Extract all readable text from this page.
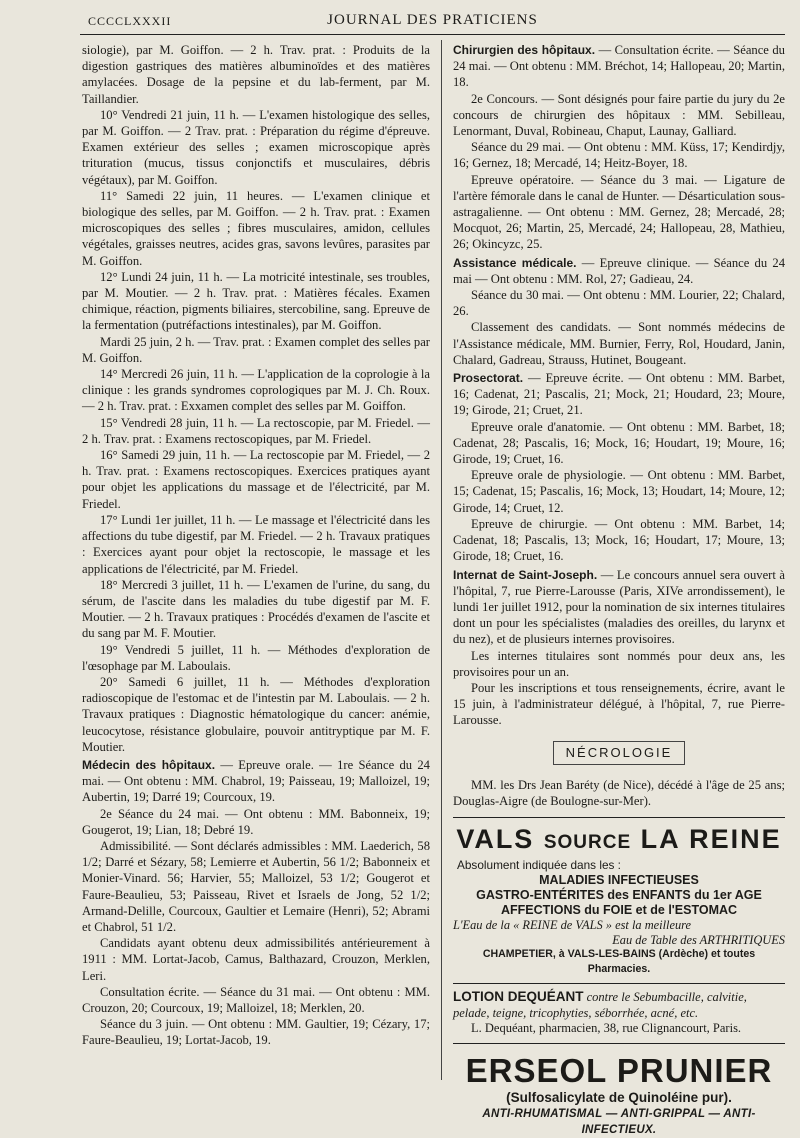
CCCCLXXXII	JOURNAL DES PRATICIENS

siologie), par M. Goiffon. — 2 h. Trav. prat. : Produits de la digestion gastriques des matières albuminoïdes et des matières amylacées. Dosage de la pepsine et du lab-ferment, par M. Taillandier.

10° Vendredi 21 juin, 11 h. — L'examen histologique des selles, par M. Goiffon. — 2 Trav. prat. : Préparation du régime d'épreuve. Examen extérieur des selles ; examen microscopique après trituration (mucus, tissus conjonctifs et musculaires, débris végétaux), par M. Goiffon.

11° Samedi 22 juin, 11 heures. — L'examen clinique et biologique des selles, par M. Goiffon. — 2 h. Trav. prat. : Examen microscopiques des selles ; fibres musculaires, amidon, cellules végétales, graisses neutres, acides gras, savons levûres, parasites par M. Goiffon.

12° Lundi 24 juin, 11 h. — La motricité intestinale, ses troubles, par M. Moutier. — 2 h. Trav. prat. : Matières fécales. Examen chimique, réaction, pigments biliaires, stercobiline, sang. Epreuve de la fermentation (putréfactions intestinales), par M. Goiffon.

Mardi 25 juin, 2 h. — Trav. prat. : Examen complet des selles par M. Goiffon.

14° Mercredi 26 juin, 11 h. — L'application de la coprologie à la clinique : les grands syndromes coprologiques par M. J. Ch. Roux. — 2 h. Trav. prat. : Exxamen complet des selles par M. Goiffon.

15° Vendredi 28 juin, 11 h. — La rectoscopie, par M. Friedel. — 2 h. Trav. prat. : Examens rectoscopiques, par M. Friedel.

16° Samedi 29 juin, 11 h. — La rectoscopie par M. Friedel, — 2 h. Trav. prat. : Examens rectoscopiques. Exercices pratiques ayant pour objet les applications du massage et de l'électricité, par M. Friedel.

17° Lundi 1er juillet, 11 h. — Le massage et l'électricité dans les affections du tube digestif, par M. Friedel. — 2 h. Travaux pratiques : Exercices ayant pour objet la rectoscopie, le massage et les applications de l'électricité, par M. Friedel.

18° Mercredi 3 juillet, 11 h. — L'examen de l'urine, du sang, du sérum, de l'ascite dans les maladies du tube digestif par M. F. Moutier. — 2 h. Travaux pratiques : Procédés d'examen de l'ascite et du sang par M. F. Moutier.

19° Vendredi 5 juillet, 11 h. — Méthodes d'exploration de l'œsophage par M. Laboulais.

20° Samedi 6 juillet, 11 h. — Méthodes d'exploration radioscopique de l'estomac et de l'intestin par M. Laboulais. — 2 h. Travaux pratiques : Diagnostic hématologique du cancer: anémie, leucocytose, résistance globulaire, pouvoir antitryptique par M. F. Moutier.

Médecin des hôpitaux. — Epreuve orale. — 1re Séance du 24 mai. — Ont obtenu : MM. Chabrol, 19; Paisseau, 19; Malloizel, 19; Aubertin, 19; Darré 19; Courcoux, 19.

2e Séance du 24 mai. — Ont obtenu : MM. Babonneix, 19; Gougerot, 19; Lian, 18; Debré 19.

Admissibilité. — Sont déclarés admissibles : MM. Laederich, 58 1/2; Darré et Sézary, 58; Lemierre et Aubertin, 56 1/2; Babonneix et Monier-Vinard. 56; Harvier, 55; Malloizel, 53 1/2; Gougerot et Faure-Beaulieu, 53; Paisseau, Rivet et Israels de Jong, 52 1/2; Armand-Delille, Courcoux, Gaultier et Lemaire (Henri), 52; Abrami et Chabrol, 51 1/2.

Candidats ayant obtenu deux admissibilités antérieurement à 1911 : MM. Lortat-Jacob, Camus, Balthazard, Crouzon, Merklen, Leri.

Consultation écrite. — Séance du 31 mai. — Ont obtenu : MM. Crouzon, 20; Courcoux, 19; Malloizel, 18; Merklen, 20.

Séance du 3 juin. — Ont obtenu : MM. Gaultier, 19; Cézary, 17; Faure-Beaulieu, 19; Lortat-Jacob, 19.

Chirurgien des hôpitaux. — Consultation écrite. — Séance du 24 mai. — Ont obtenu : MM. Bréchot, 14; Hallopeau, 20; Martin, 18.

2e Concours. — Sont désignés pour faire partie du jury du 2e concours de chirurgien des hôpitaux : MM. Sebilleau, Lenormant, Duval, Robineau, Chaput, Launay, Galliard.

Séance du 29 mai. — Ont obtenu : MM. Küss, 17; Kendirdjy, 16; Gernez, 18; Mercadé, 14; Heitz-Boyer, 18.

Epreuve opératoire. — Séance du 3 mai. — Ligature de l'artère fémorale dans le canal de Hunter. — Désarticulation sous-astragalienne. — Ont obtenu : MM. Gernez, 28; Mercadé, 28; Mocquot, 26; Martin, 25, Mercadé, 24; Hallopeau, 28, Mathieu, 26; Okincyzc, 25.

Assistance médicale. — Epreuve clinique. — Séance du 24 mai — Ont obtenu : MM. Rol, 27; Gadieau, 24.

Séance du 30 mai. — Ont obtenu : MM. Lourier, 22; Chalard, 26.

Classement des candidats. — Sont nommés médecins de l'Assistance médicale, MM. Burnier, Ferry, Rol, Houdard, Janin, Chalard, Gadreau, Strauss, Hutinet, Bougeant.

Prosectorat. — Epreuve écrite. — Ont obtenu : MM. Barbet, 16; Cadenat, 21; Pascalis, 21; Mock, 21; Houdard, 23; Moure, 19; Girode, 21; Cruet, 21.

Epreuve orale d'anatomie. — Ont obtenu : MM. Barbet, 18; Cadenat, 28; Pascalis, 16; Mock, 16; Houdart, 19; Moure, 16; Girode, 19; Cruet, 16.

Epreuve orale de physiologie. — Ont obtenu : MM. Barbet, 15; Cadenat, 15; Pascalis, 16; Mock, 13; Houdart, 14; Moure, 12; Girode, 14; Cruet, 12.

Epreuve de chirurgie. — Ont obtenu : MM. Barbet, 14; Cadenat, 18; Pascalis, 13; Mock, 16; Houdart, 17; Moure, 13; Girode, 18; Cruet, 16.

Internat de Saint-Joseph. — Le concours annuel sera ouvert à l'hôpital, 7, rue Pierre-Larousse (Paris, XIVe arrondissement), le lundi 1er juillet 1912, pour la nomination de six internes titulaires dont un pour les spécialistes (maladies des oreilles, du larynx et du nez), et de plusieurs internes provisoires.

Les internes titulaires sont nommés pour deux ans, les provisoires pour un an.

Pour les inscriptions et tous renseignements, écrire, avant le 15 juin, à l'administrateur délégué, à l'hôpital, 7, rue Pierre-Larousse.

NÉCROLOGIE

MM. les Drs Jean Baréty (de Nice), décédé à l'âge de 25 ans; Douglas-Aigre (de Boulogne-sur-Mer).

VALS SOURCE LA REINE
Absolument indiquée dans les :
MALADIES INFECTIEUSES
GASTRO-ENTÉRITES des ENFANTS du 1er AGE
AFFECTIONS du FOIE et de l'ESTOMAC
L'Eau de la « REINE de VALS » est la meilleure
Eau de Table des ARTHRITIQUES
CHAMPETIER, à VALS-LES-BAINS (Ardèche) et toutes Pharmacies.
LOTION DEQUÉANT contre le Sebumbacille, calvitie, pelade, teigne, tricophyties, séborrhée, acné, etc.
L. Dequéant, pharmacien, 38, rue Clignancourt, Paris.
ERSEOL PRUNIER
(Sulfosalicylate de Quinoléine pur).
ANTI-RHUMATISMAL — ANTI-GRIPPAL — ANTI-INFECTIEUX.
